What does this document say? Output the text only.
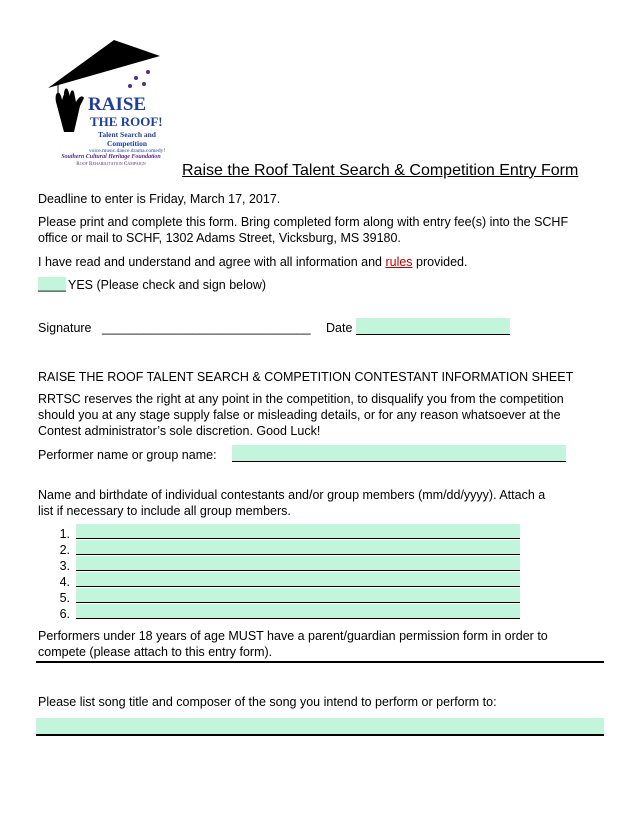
RAISE
THE ROOF!
Talent Search and
Competition
voice.music.dance.drama.comedy!
Southern Cultural Heritage Foundation
Roof Rehabilitation Campaign	Raise the Roof Talent Search & Competition Entry Form
Deadline to enter is Friday, March 17, 2017.
Please print and complete this form. Bring completed form along with entry fee(s) into the SCHF
office or mail to SCHF, 1302 Adams Street, Vicksburg, MS 39180.
I have read and understand and agree with all information and rules provided.
____ YES (Please check and sign below)
Signature ______________________________ Date
RAISE THE ROOF TALENT SEARCH & COMPETITION CONTESTANT INFORMATION SHEET
RRTSC reserves the right at any point in the competition, to disqualify you from the competition
should you at any stage supply false or misleading details, or for any reason whatsoever at the
Contest administrator’s sole discretion. Good Luck!
Performer name or group name:
Name and birthdate of individual contestants and/or group members (mm/dd/yyyy). Attach a
list if necessary to include all group members.
1.
2.
3.
4.
5.
6.
Performers under 18 years of age MUST have a parent/guardian permission form in order to
compete (please attach to this entry form).
Please list song title and composer of the song you intend to perform or perform to:
